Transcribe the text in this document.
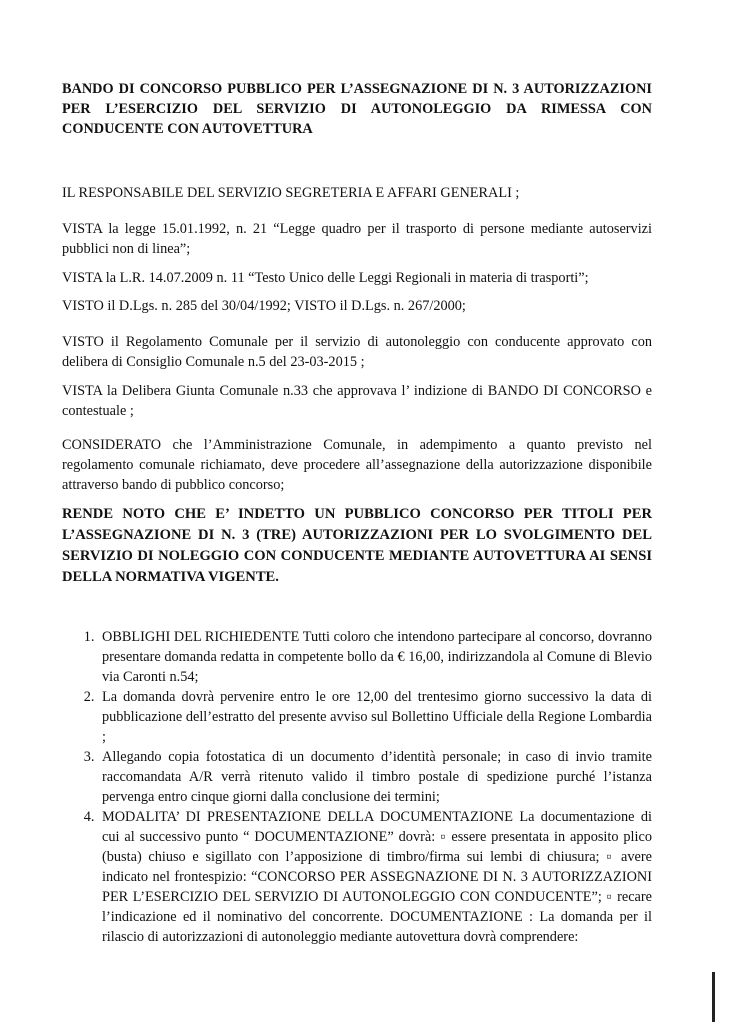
BANDO DI CONCORSO PUBBLICO PER L’ASSEGNAZIONE DI N. 3 AUTORIZZAZIONI PER L’ESERCIZIO DEL SERVIZIO DI AUTONOLEGGIO DA RIMESSA CON CONDUCENTE CON AUTOVETTURA
IL RESPONSABILE DEL SERVIZIO SEGRETERIA E AFFARI GENERALI ;
VISTA la legge 15.01.1992, n. 21 “Legge quadro per il trasporto di persone mediante autoservizi pubblici non di linea”;
VISTA la L.R. 14.07.2009 n. 11 “Testo Unico delle Leggi Regionali in materia di trasporti”;
VISTO il D.Lgs. n. 285 del 30/04/1992; VISTO il D.Lgs. n. 267/2000;
VISTO il Regolamento Comunale per il servizio di autonoleggio con conducente approvato con delibera di Consiglio Comunale n.5 del 23-03-2015 ;
VISTA la Delibera Giunta Comunale n.33 che approvava l’ indizione di BANDO DI CONCORSO e contestuale ;
CONSIDERATO che l’Amministrazione Comunale, in adempimento a quanto previsto nel regolamento comunale richiamato, deve procedere all’assegnazione della autorizzazione disponibile attraverso bando di pubblico concorso;
RENDE NOTO CHE E’ INDETTO UN PUBBLICO CONCORSO PER TITOLI PER L’ASSEGNAZIONE DI N. 3 (TRE) AUTORIZZAZIONI PER LO SVOLGIMENTO DEL SERVIZIO DI NOLEGGIO CON CONDUCENTE MEDIANTE AUTOVETTURA AI SENSI DELLA NORMATIVA VIGENTE.
1. OBBLIGHI DEL RICHIEDENTE Tutti coloro che intendono partecipare al concorso, dovranno presentare domanda redatta in competente bollo da € 16,00, indirizzandola al Comune di Blevio via Caronti n.54;
2. La domanda dovrà pervenire entro le ore 12,00 del trentesimo giorno successivo la data di pubblicazione dell’estratto del presente avviso sul Bollettino Ufficiale della Regione Lombardia ;
3. Allegando copia fotostatica di un documento d’identità personale; in caso di invio tramite raccomandata A/R verrà ritenuto valido il timbro postale di spedizione purché l’istanza pervenga entro cinque giorni dalla conclusione dei termini;
4. MODALITA’ DI PRESENTAZIONE DELLA DOCUMENTAZIONE La documentazione di cui al successivo punto “ DOCUMENTAZIONE” dovrà: ▫ essere presentata in apposito plico (busta) chiuso e sigillato con l’apposizione di timbro/firma sui lembi di chiusura; ▫ avere indicato nel frontespizio: “CONCORSO PER ASSEGNAZIONE DI N. 3 AUTORIZZAZIONI PER L’ESERCIZIO DEL SERVIZIO DI AUTONOLEGGIO CON CONDUCENTE”; ▫ recare l’indicazione ed il nominativo del concorrente. DOCUMENTAZIONE : La domanda per il rilascio di autorizzazioni di autonoleggio mediante autovettura dovrà comprendere:
